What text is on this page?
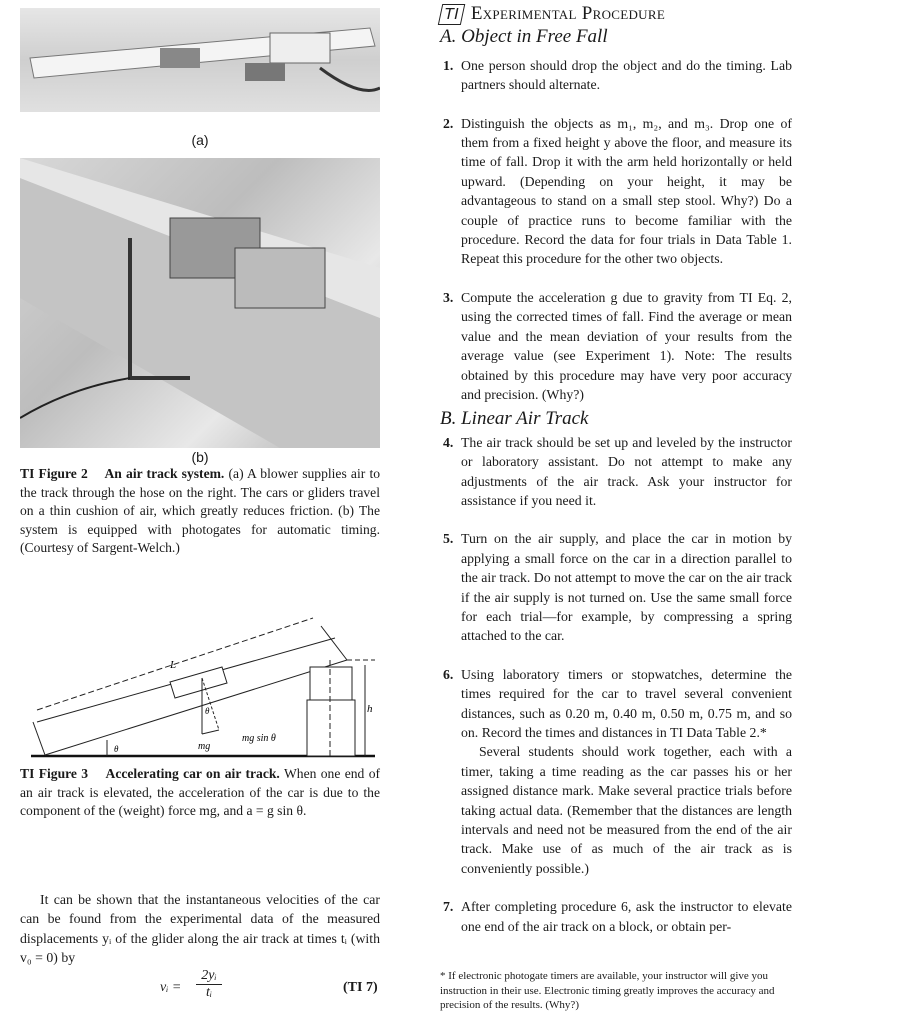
(a)
(b)
TI Figure 2 An air track system. (a) A blower supplies air to the track through the hose on the right. The cars or gliders travel on a thin cushion of air, which greatly reduces friction. (b) The system is equipped with photogates for automatic timing. (Courtesy of Sargent-Welch.)
L
h
θ
θ	mg
mg sin θ
TI Figure 3 Accelerating car on air track. When one end of an air track is elevated, the acceleration of the car is due to the component of the (weight) force mg, and a = g sin θ.
It can be shown that the instantaneous velocities of the car can be found from the experimental data of the measured displacements yᵢ of the glider along the air track at times tᵢ (with v₀ = 0) by
vᵢ = $\frac{\text{2yᵢ}}{\text{tᵢ}}$	(TI 7)
TI Experimental Procedure
A. Object in Free Fall
1. One person should drop the object and do the timing. Lab partners should alternate.
2. Distinguish the objects as m₁, m₂, and m₃. Drop one of them from a fixed height y above the floor, and measure its time of fall. Drop it with the arm held horizontally or held upward. (Depending on your height, it may be advantageous to stand on a small step stool. Why?) Do a couple of practice runs to become familiar with the procedure. Record the data for four trials in Data Table 1. Repeat this procedure for the other two objects.
3. Compute the acceleration g due to gravity from TI Eq. 2, using the corrected times of fall. Find the average or mean value and the mean deviation of your results from the average value (see Experiment 1). Note: The results obtained by this procedure may have very poor accuracy and precision. (Why?)
B. Linear Air Track
4. The air track should be set up and leveled by the instructor or laboratory assistant. Do not attempt to make any adjustments of the air track. Ask your instructor for assistance if you need it.
5. Turn on the air supply, and place the car in motion by applying a small force on the car in a direction parallel to the air track. Do not attempt to move the car on the air track if the air supply is not turned on. Use the same small force for each trial—for example, by compressing a spring attached to the car.
6. Using laboratory timers or stopwatches, determine the times required for the car to travel several convenient distances, such as 0.20 m, 0.40 m, 0.50 m, 0.75 m, and so on. Record the times and distances in TI Data Table 2.*
Several students should work together, each with a timer, taking a time reading as the car passes his or her assigned distance mark. Make several practice trials before taking actual data. (Remember that the distances are length intervals and need not be measured from the end of the air track. Make use of as much of the air track as is conveniently possible.)
7. After completing procedure 6, ask the instructor to elevate one end of the air track on a block, or obtain per-
* If electronic photogate timers are available, your instructor will give you instruction in their use. Electronic timing greatly improves the accuracy and precision of the results. (Why?)
